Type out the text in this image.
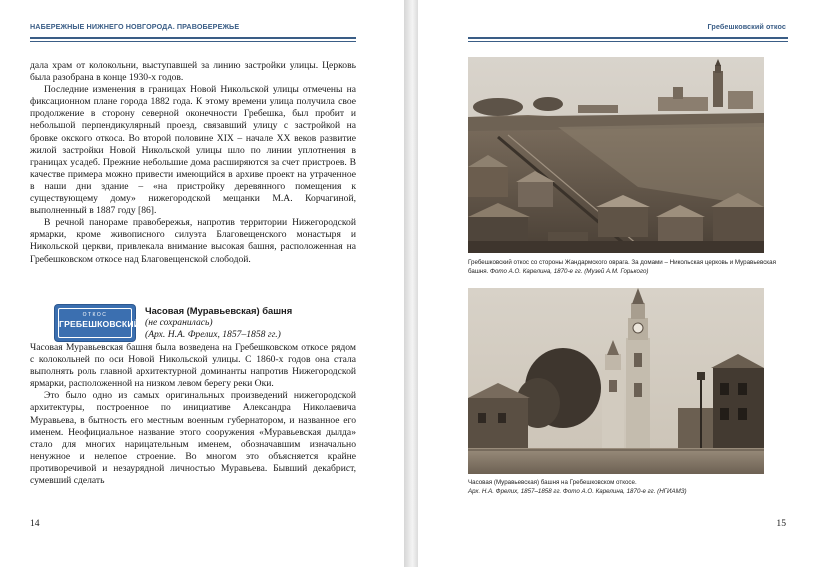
НАБЕРЕЖНЫЕ НИЖНЕГО НОВГОРОДА. ПРАВОБЕРЕЖЬЕ

дала храм от колокольни, выступавшей за линию застройки улицы. Церковь была разобрана в конце 1930-х годов.

Последние изменения в границах Новой Никольской улицы отмечены на фиксационном плане города 1882 года. К этому времени улица получила свое продолжение в сторону северной оконечности Гребешка, был пробит и небольшой перпендикулярный проезд, связавший улицу с застройкой на бровке окского откоса. Во второй половине XIX – начале XX веков развитие жилой застройки Новой Никольской улицы шло по линии уплотнения в границах усадеб. Прежние небольшие дома расширяются за счет пристроев. В качестве примера можно привести имеющийся в архиве проект на утраченное в наши дни здание – «на пристройку деревянного помещения к существующему дому» нижегородской мещанки М.А. Корчагиной, выполненный в 1887 году [86].

В речной панораме правобережья, напротив территории Нижегородской ярмарки, кроме живописного силуэта Благовещенского монастыря и Никольской церкви, привлекала внимание высокая башня, расположенная на Гребешковском откосе над Благовещенской слободой.

ОТКОС
ГРЕБЕШКОВСКИЙ
Часовая (Муравьевская) башня
(не сохранилась)
(Арх. Н.А. Фрелих, 1857–1858 гг.)

Часовая Муравьевская башня была возведена на Гребешковском откосе рядом с колокольней по оси Новой Никольской улицы. С 1860-х годов она стала выполнять роль главной архитектурной доминанты напротив Нижегородской ярмарки, расположенной на низком левом берегу реки Оки.

Это было одно из самых оригинальных произведений нижегородской архитектуры, построенное по инициативе Александра Николаевича Муравьева, в бытность его местным военным губернатором, и названное его именем. Неофициальное название этого сооружения «Муравьевская дылда» стало для многих нарицательным именем, обозначавшим изначально ненужное и нелепое строение. Во многом это объясняется крайне противоречивой и незаурядной личностью Муравьева. Бывший декабрист, сумевший сделать

14
Гребешковский откос
Гребешковский откос со стороны Жандармского оврага. За домами – Никольская церковь и Муравьевская башня. Фото А.О. Карелина, 1870-е гг. (Музей А.М. Горького)
Часовая (Муравьевская) башня на Гребешковском откосе.
Арх. Н.А. Фрелих, 1857–1858 гг. Фото А.О. Карелина, 1870-е гг. (НГИАМЗ)
15
